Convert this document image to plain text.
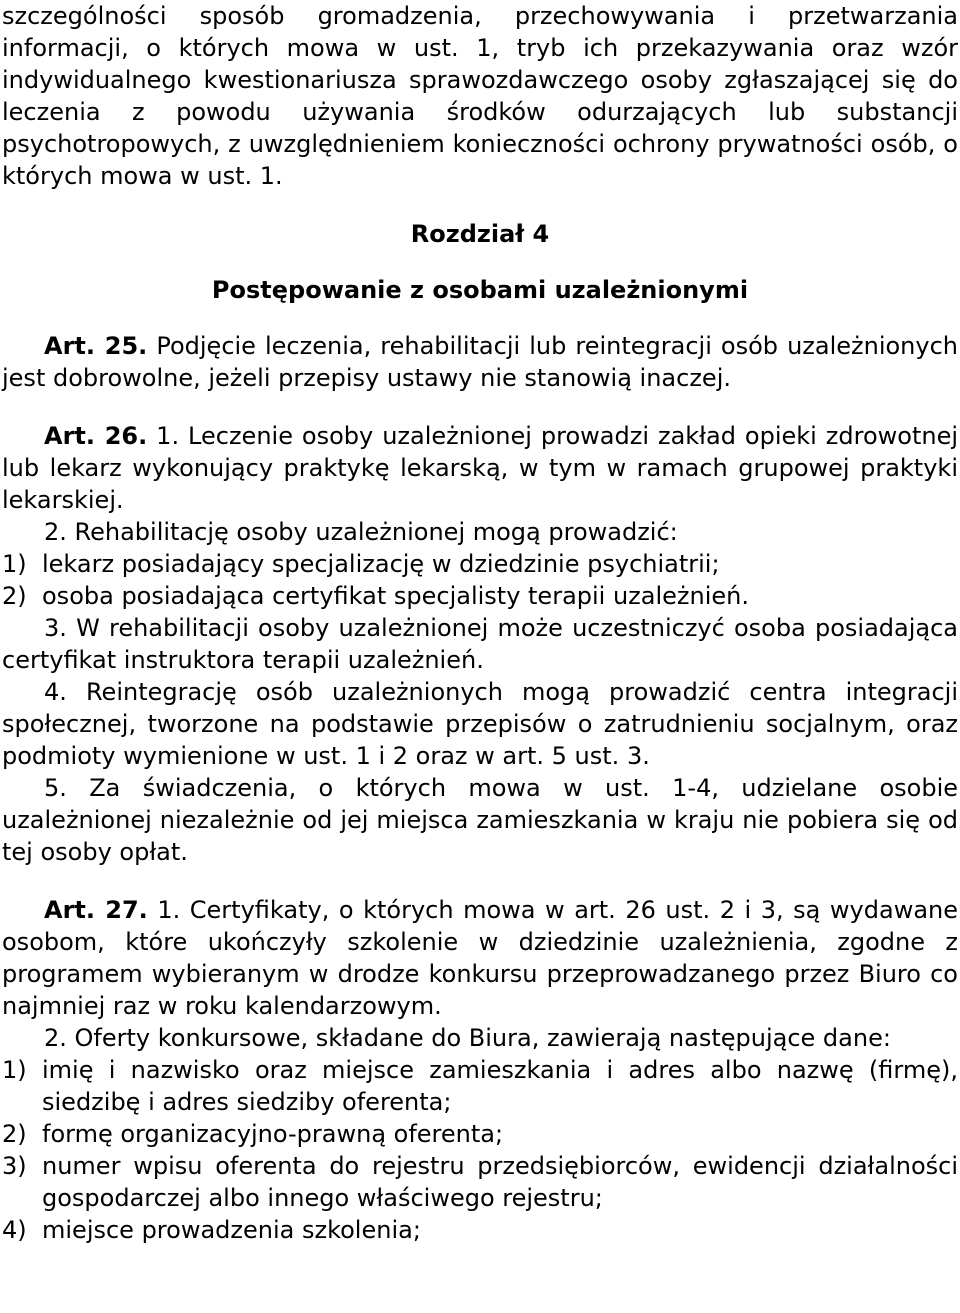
szczególności sposób gromadzenia, przechowywania i przetwarzania informacji, o których mowa w ust. 1, tryb ich przekazywania oraz wzór indywidualnego kwestionariusza sprawozdawczego osoby zgłaszającej się do leczenia z powodu używania środków odurzających lub substancji psychotropowych, z uwzględnieniem konieczności ochrony prywatności osób, o których mowa w ust. 1.

Rozdział 4

Postępowanie z osobami uzależnionymi

Art. 25. Podjęcie leczenia, rehabilitacji lub reintegracji osób uzależnionych jest dobrowolne, jeżeli przepisy ustawy nie stanowią inaczej.

Art. 26. 1. Leczenie osoby uzależnionej prowadzi zakład opieki zdrowotnej lub lekarz wykonujący praktykę lekarską, w tym w ramach grupowej praktyki lekarskiej.

2. Rehabilitację osoby uzależnionej mogą prowadzić:

1) lekarz posiadający specjalizację w dziedzinie psychiatrii;
2) osoba posiadająca certyfikat specjalisty terapii uzależnień.

3. W rehabilitacji osoby uzależnionej może uczestniczyć osoba posiadająca certyfikat instruktora terapii uzależnień.

4. Reintegrację osób uzależnionych mogą prowadzić centra integracji społecznej, tworzone na podstawie przepisów o zatrudnieniu socjalnym, oraz podmioty wymienione w ust. 1 i 2 oraz w art. 5 ust. 3.

5. Za świadczenia, o których mowa w ust. 1-4, udzielane osobie uzależnionej niezależnie od jej miejsca zamieszkania w kraju nie pobiera się od tej osoby opłat.

Art. 27. 1. Certyfikaty, o których mowa w art. 26 ust. 2 i 3, są wydawane osobom, które ukończyły szkolenie w dziedzinie uzależnienia, zgodne z programem wybieranym w drodze konkursu przeprowadzanego przez Biuro co najmniej raz w roku kalendarzowym.

2. Oferty konkursowe, składane do Biura, zawierają następujące dane:

1) imię i nazwisko oraz miejsce zamieszkania i adres albo nazwę (firmę), siedzibę i adres siedziby oferenta;
2) formę organizacyjno-prawną oferenta;
3) numer wpisu oferenta do rejestru przedsiębiorców, ewidencji działalności gospodarczej albo innego właściwego rejestru;
4) miejsce prowadzenia szkolenia;
